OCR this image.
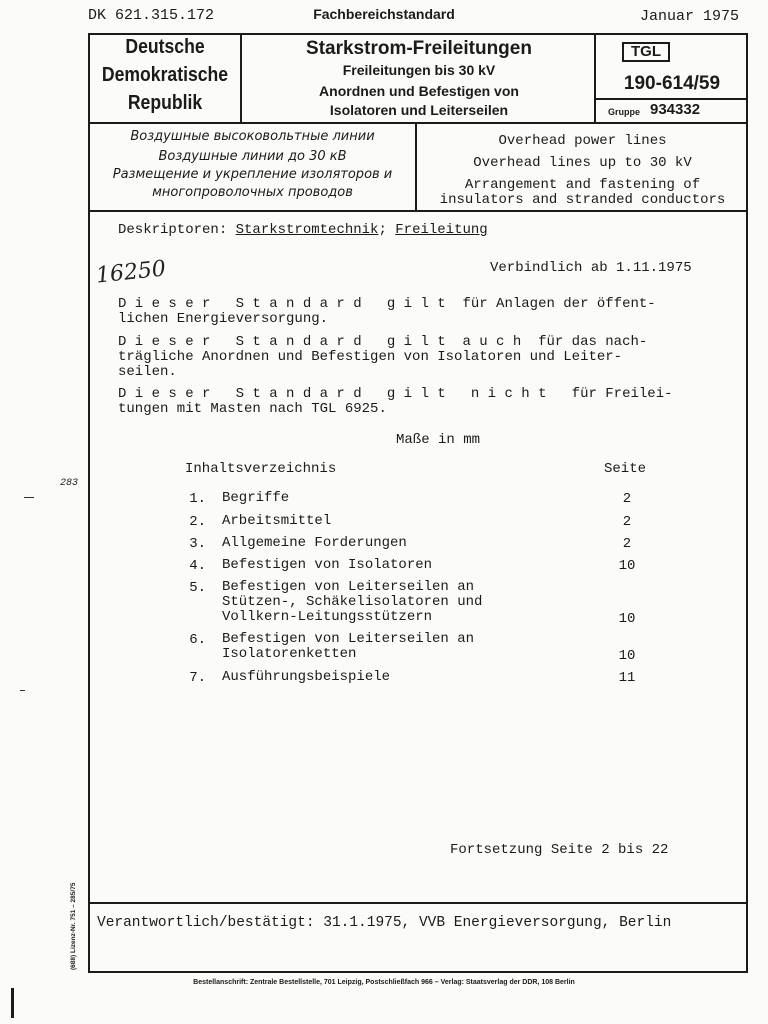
DK 621.315.172	Fachbereichstandard	Januar 1975
Deutsche
Demokratische
Republik
Starkstrom-Freileitungen
Freileitungen bis 30 kV
Anordnen und Befestigen von
Isolatoren und Leiterseilen
TGL
190-614/59
Gruppe 934332
Воздушные высоковольтные линии
Воздушные линии до 30 кВ
Размещение и укрепление изоляторов и
многопроволочных проводов
Overhead power lines
Overhead lines up to 30 kV
Arrangement and fastening of
insulators and stranded conductors
Deskriptoren: Starkstromtechnik; Freileitung
16250	Verbindlich ab 1.11.1975
D i e s e r   S t a n d a r d   g i l t  für Anlagen der öffent-
lichen Energieversorgung.
D i e s e r   S t a n d a r d   g i l t  a u c h  für das nach-
trägliche Anordnen und Befestigen von Isolatoren und Leiter-
seilen.
D i e s e r   S t a n d a r d   g i l t   n i c h t   für Freilei-
tungen mit Masten nach TGL 6925.
Maße in mm
Inhaltsverzeichnis	Seite
1. Begriffe	2
2. Arbeitsmittel	2
3. Allgemeine Forderungen	2
4. Befestigen von Isolatoren	10
5. Befestigen von Leiterseilen an
Stützen-, Schäkelisolatoren und
Vollkern-Leitungsstützern	10
6. Befestigen von Leiterseilen an
Isolatorenketten	10
7. Ausführungsbeispiele	11
Fortsetzung Seite 2 bis 22
Verantwortlich/bestätigt: 31.1.1975, VVB Energieversorgung, Berlin
Bestellanschrift: Zentrale Bestellstelle, 701 Leipzig, Postschließfach 966 – Verlag: Staatsverlag der DDR, 108 Berlin
(688) Lizenz-Nr. 751 – 285/75
283
